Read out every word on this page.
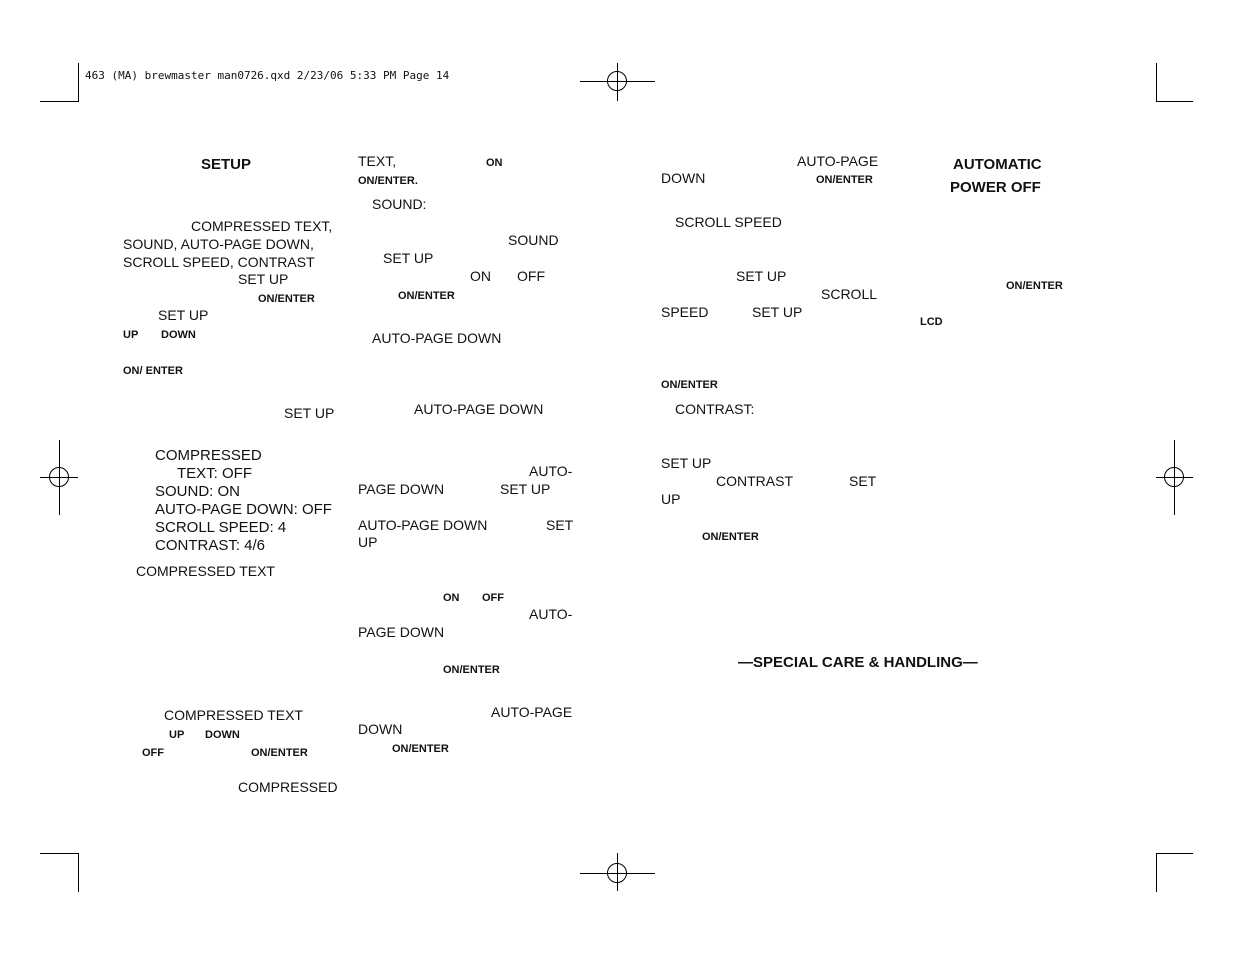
463 (MA) brewmaster man0726.qxd 2/23/06 5:33 PM Page 14
SETUP
COMPRESSED TEXT,
SOUND, AUTO-PAGE DOWN,
SCROLL SPEED, CONTRAST
SET UP
ON/ENTER
SET UP
UP DOWN
ON/ ENTER
SET UP
COMPRESSED
TEXT: OFF
SOUND: ON
AUTO-PAGE DOWN: OFF
SCROLL SPEED: 4
CONTRAST: 4/6
COMPRESSED TEXT
COMPRESSED TEXT
UP DOWN
OFF	ON/ENTER
COMPRESSED
TEXT,	ON
ON/ENTER.
SOUND:
SOUND
SET UP
ON OFF
ON/ENTER
AUTO-PAGE DOWN
AUTO-PAGE DOWN
AUTO-
PAGE DOWN	SET UP
AUTO-PAGE DOWN	SET
UP
ON OFF
AUTO-
PAGE DOWN
ON/ENTER
AUTO-PAGE
DOWN
ON/ENTER
AUTO-PAGE
DOWN	ON/ENTER
SCROLL SPEED
SET UP
SCROLL
SPEED	SET UP
ON/ENTER
CONTRAST:
SET UP
CONTRAST	SET
UP
ON/ENTER
AUTOMATIC
POWER OFF
ON/ENTER
LCD
—SPECIAL CARE & HANDLING—
